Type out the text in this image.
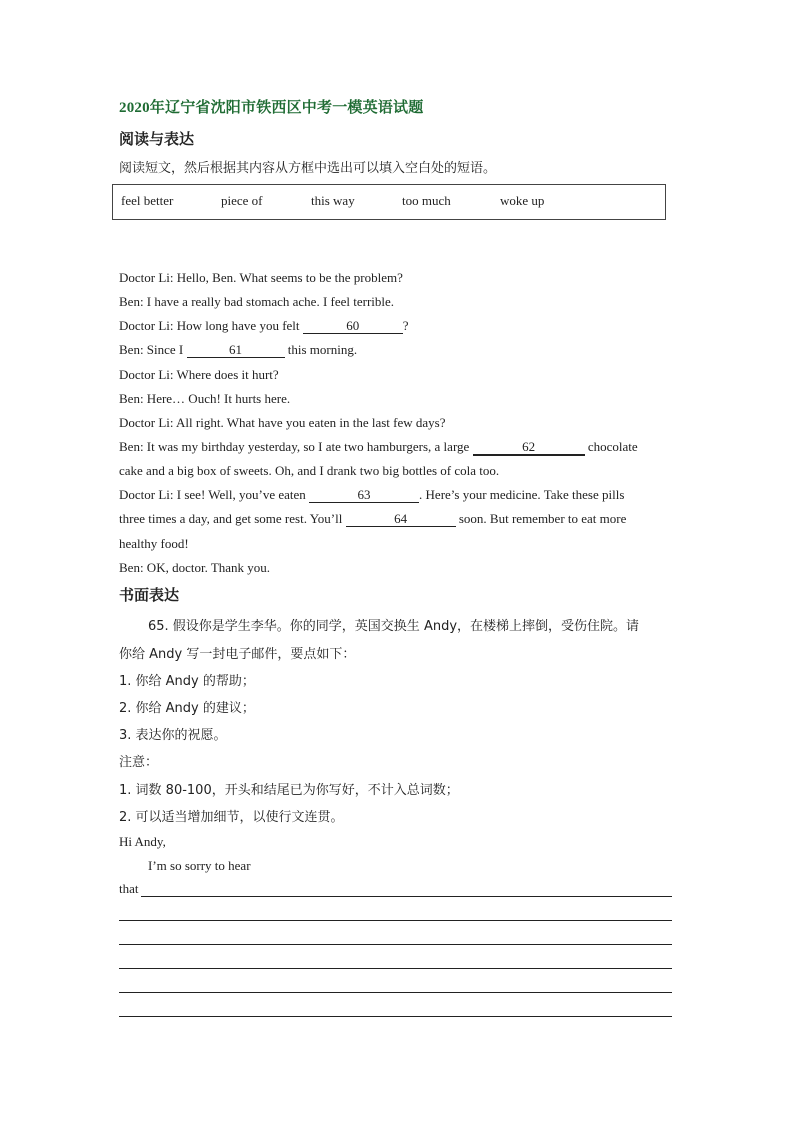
2020年辽宁省沈阳市铁西区中考一模英语试题
阅读与表达
阅读短文，然后根据其内容从方框中选出可以填入空白处的短语。
feel better	piece of	this way	too much	woke up
Doctor Li: Hello, Ben. What seems to be the problem?
Ben: I have a really bad stomach ache. I feel terrible.
Doctor Li: How long have you felt	60	?
Ben: Since I	61	this morning.
Doctor Li: Where does it hurt?
Ben: Here… Ouch! It hurts here.
Doctor Li: All right. What have you eaten in the last few days?
Ben: It was my birthday yesterday, so I ate two hamburgers, a large	62	chocolate
cake and a big box of sweets. Oh, and I drank two big bottles of cola too.
Doctor Li: I see! Well, you’ve eaten	63	. Here’s your medicine. Take these pills
three times a day, and get some rest. You’ll	64	soon. But remember to eat more
healthy food!
Ben: OK, doctor. Thank you.
书面表达
65. 假设你是学生李华。你的同学，英国交换生 Andy，在楼梯上摔倒，受伤住院。请
你给 Andy 写一封电子邮件，要点如下：
1. 你给 Andy 的帮助；
2. 你给 Andy 的建议；
3. 表达你的祝愿。
注意：
1. 词数 80-100，开头和结尾已为你写好，不计入总词数；
2. 可以适当增加细节，以使行文连贯。
Hi Andy,
I’m so sorry to hear
that
